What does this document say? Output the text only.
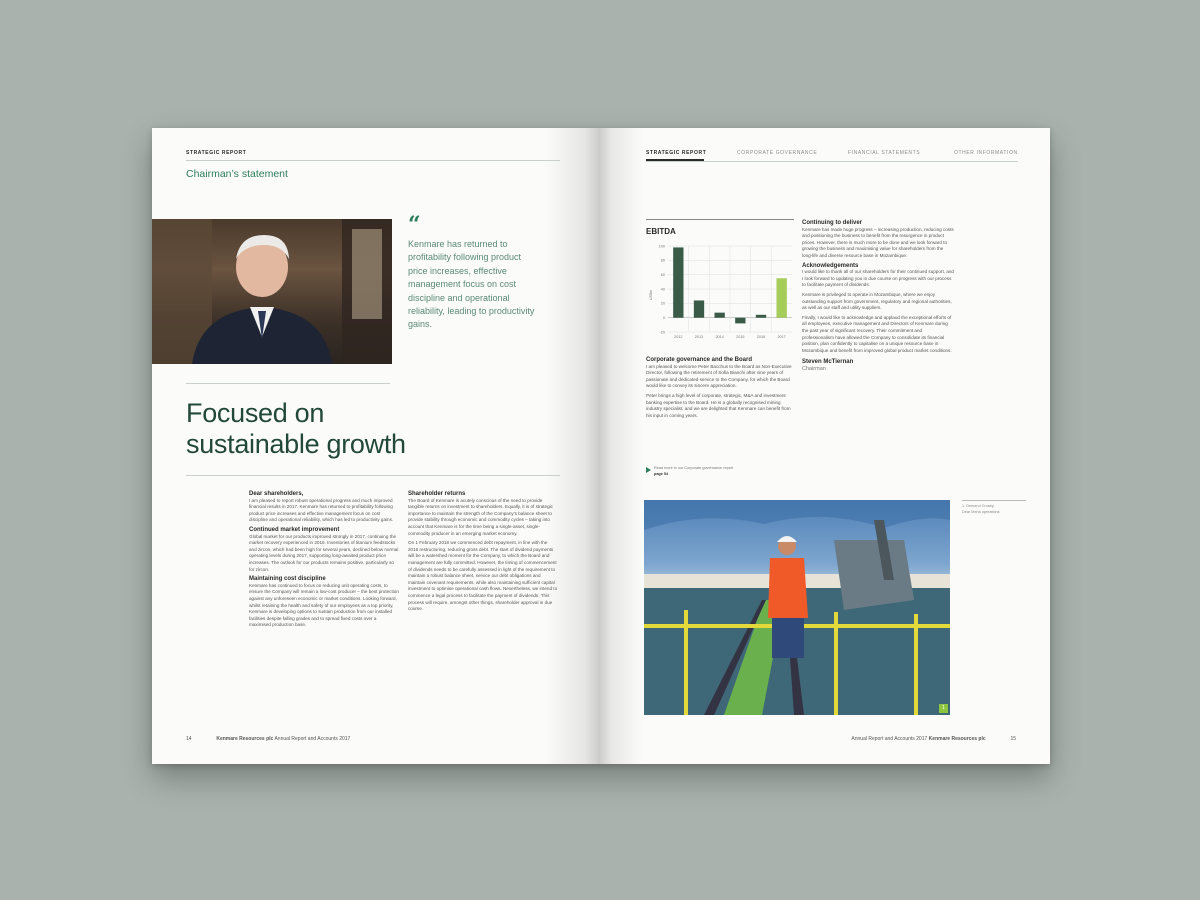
STRATEGIC REPORT
Chairman’s statement
“
Kenmare has returned to profitability following product price increases, effective management focus on cost discipline and operational reliability, leading to productivity gains.
Focused on
sustainable growth
Dear shareholders,

I am pleased to report robust operational progress and much improved financial results in 2017. Kenmare has returned to profitability following product price increases and effective management focus on cost discipline and operational reliability, which has led to productivity gains.

Continued market improvement

Global market for our products improved strongly in 2017, continuing the market recovery experienced in 2016. Inventories of titanium feedstocks and zircon, which had been high for several years, declined below normal operating levels during 2017, supporting long-awaited product price increases. The outlook for our products remains positive, particularly so for zircon.

Maintaining cost discipline

Kenmare has continued to focus on reducing unit operating costs, to ensure the Company will remain a low-cost producer – the best protection against any unforeseen economic or market conditions. Looking forward, whilst retaining the health and safety of our employees as a top priority, Kenmare is developing options to sustain production from our installed facilities despite falling grades and to spread fixed costs over a maximised production base.

Shareholder returns

The Board of Kenmare is acutely conscious of the need to provide tangible returns on investment to shareholders. Equally, it is of strategic importance to maintain the strength of the Company’s balance sheet to provide stability through economic and commodity cycles – taking into account that Kenmare is for the time being a single-asset, single-commodity producer in an emerging market economy.

On 1 February 2018 we commenced debt repayment, in line with the 2016 restructuring, reducing gross debt. The start of dividend payments will be a watershed moment for the Company, to which the Board and management are fully committed. However, the timing of commencement of dividends needs to be carefully assessed in light of the requirement to maintain a robust balance sheet, service our debt obligations and maintain covenant requirements, while also maintaining sufficient capital investment to optimise operational cash flows. Nevertheless, we intend to commence a legal process to facilitate the payment of dividends. This process will require, amongst other things, shareholder approval in due course.

14	Kenmare Resources plc Annual Report and Accounts 2017
STRATEGIC REPORT	CORPORATE GOVERNANCE	FINANCIAL STATEMENTS	OTHER INFORMATION
EBITDA
US$m
100
80
60
40
20
0
-20
2012	2013	2014	2015	2016	2017
Corporate governance and the Board

I am pleased to welcome Peter Bacchus to the Board as Non-Executive Director, following the retirement of Sofia Bianchi after nine years of passionate and dedicated service to the Company, for which the Board would like to convey its sincere appreciation.

Peter brings a high level of corporate, strategic, M&A and investment banking expertise to the Board. He is a globally recognised mining industry specialist, and we are delighted that Kenmare can benefit from his input in coming years.

Read more in our Corporate governance report
page 54
Continuing to deliver

Kenmare has made huge progress – increasing production, reducing costs and positioning the business to benefit from the resurgence in product prices. However, there is much more to be done and we look forward to growing the business and maximising value for shareholders from the long-life and diverse resource base in Mozambique.

Acknowledgements

I would like to thank all of our shareholders for their continued support, and I look forward to updating you in due course on progress with our process to facilitate payment of dividends.

Kenmare is privileged to operate in Mozambique, where we enjoy outstanding support from government, regulatory and regional authorities, as well as our staff and utility suppliers.

Finally, I would like to acknowledge and applaud the exceptional efforts of all employees, executive management and Directors of Kenmare during the past year of significant recovery. Their commitment and professionalism have allowed the Company to consolidate its financial position, plan confidently to capitalise on a unique resource base in Mozambique and benefit from improved global product market conditions.

Steven McTiernan
Chairman
1
1. Demerol Crosby,
Dear Mena operations
Annual Report and Accounts 2017 Kenmare Resources plc	15
